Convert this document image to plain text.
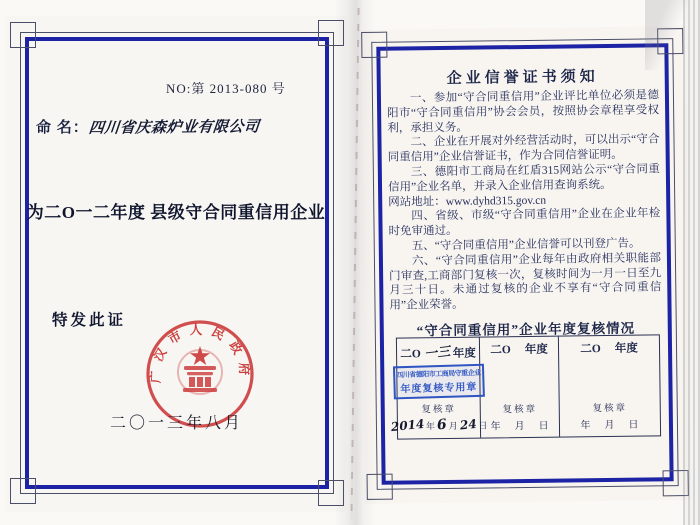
NO:第 2013-080 号
命 名：四川省庆森炉业有限公司
为二O一二年度 县级守合同重信用企业
特发此证
广汉市人民政府
二〇一三年八月
企业信誉证书须知

一、参加“守合同重信用”企业评比单位必须是德阳市“守合同重信用”协会会员，按照协会章程享受权利，承担义务。

二、企业在开展对外经营活动时，可以出示“守合同重信用”企业信誉证书，作为合同信誉证明。

三、德阳市工商局在红盾315网站公示“守合同重信用”企业名单，并录入企业信用查询系统。

网站地址：www.dyhd315.gov.cn

四、省级、市级“守合同重信用”企业在企业年检时免审通过。

五、“守合同重信用”企业信誉可以刊登广告。

六、“守合同重信用”企业每年由政府相关职能部门审查,工商部门复核一次，复核时间为一月一日至九月三十日。未通过复核的企业不享有“守合同重信用”企业荣誉。

“守合同重信用”企业年度复核情况
二O 一三 年度
四川省德阳市工商局守重企业
年度复核专用章
复核章
2014 年 6 月 24 日
二O 年度
复核章
年 月 日
二O 年度
复核章
年 月 日
